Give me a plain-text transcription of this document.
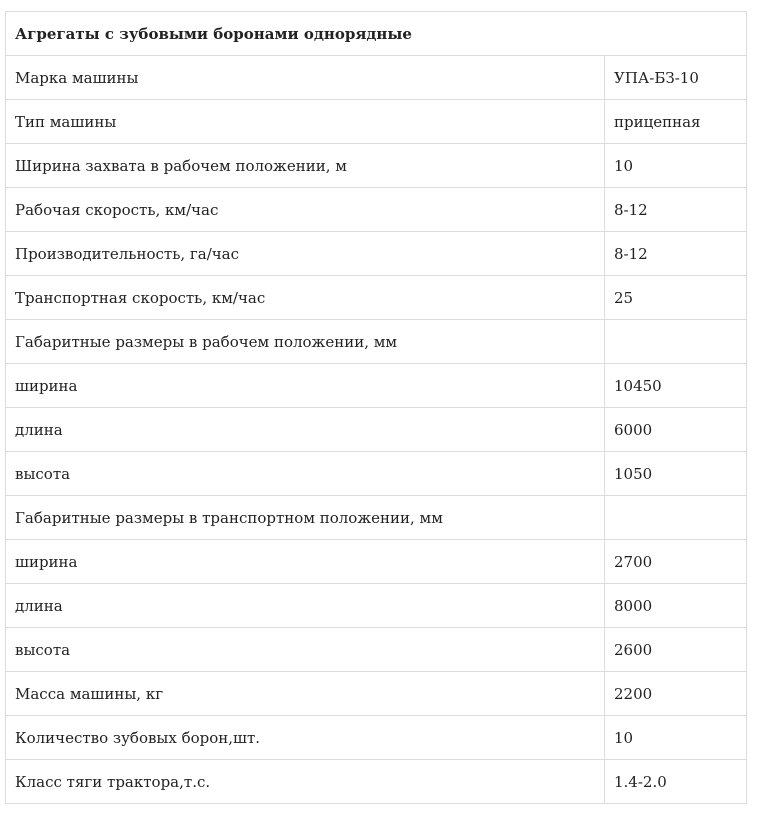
Агрегаты с зубовыми боронами однорядные	
Марка машины	УПА-БЗ-10
Тип машины	прицепная
Ширина захвата в рабочем положении, м	10
Рабочая скорость, км/час	8-12
Производительность, га/час	8-12
Транспортная скорость, км/час	25
Габаритные размеры в рабочем положении, мм	
ширина	10450
длина	6000
высота	1050
Габаритные размеры в транспортном положении, мм	
ширина	2700
длина	8000
высота	2600
Масса машины, кг	2200
Количество зубовых борон,шт.	10
Класс тяги трактора,т.с.	1.4-2.0
